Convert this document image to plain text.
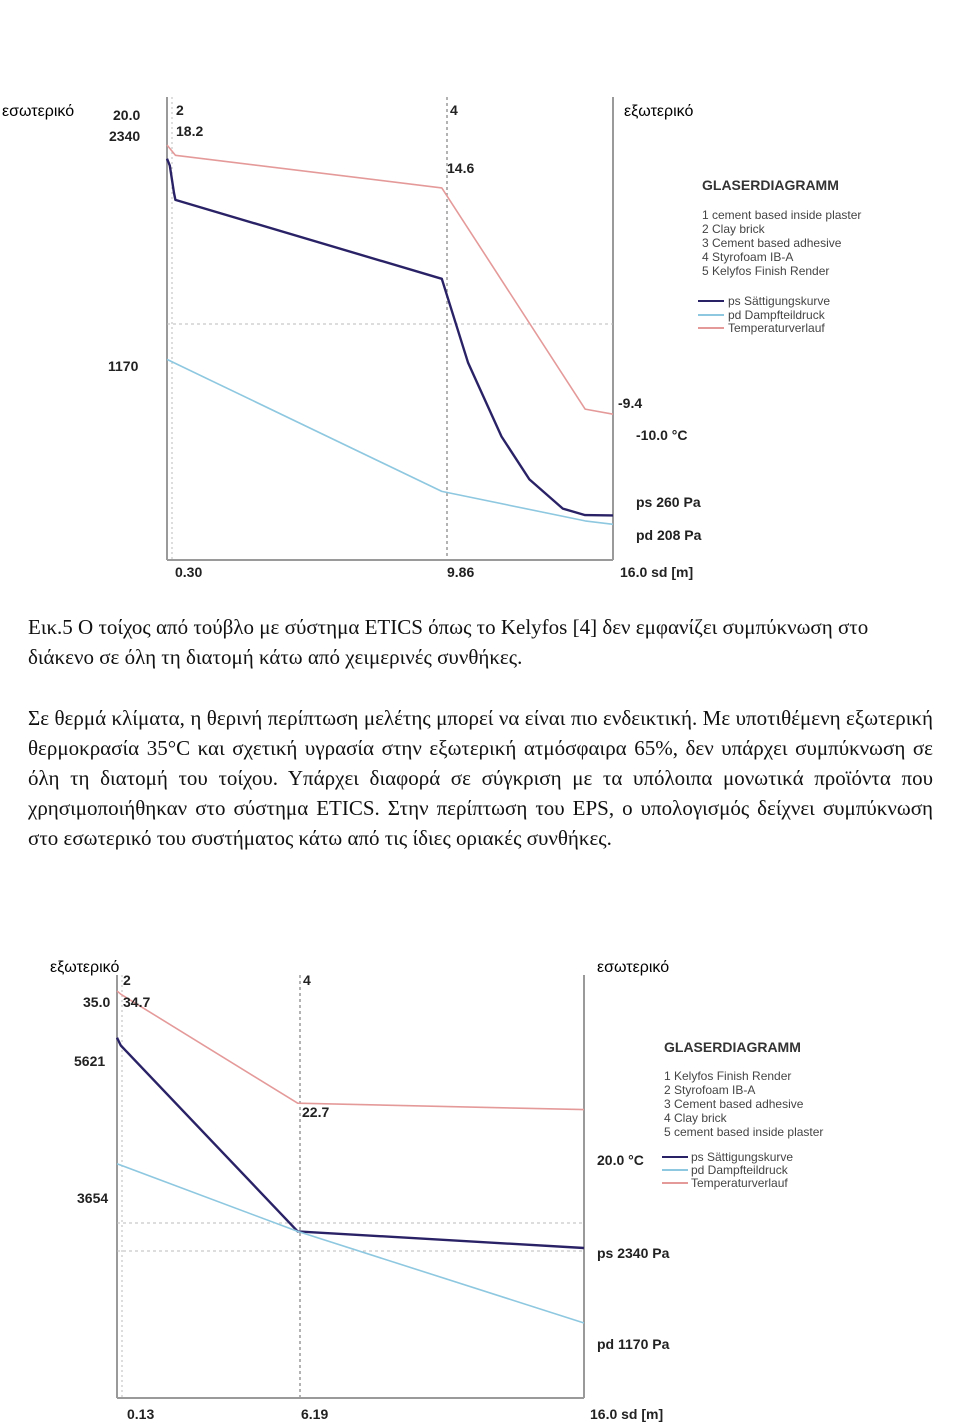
εσωτερικό	εξωτερικό
20.0
2340
2
18.2
4
14.6
1170
-9.4
-10.0 °C
ps 260 Pa
pd 208 Pa
0.30	9.86	16.0 sd [m]
GLASERDIAGRAMM
1 cement based inside plaster
2 Clay brick
3 Cement based adhesive
4 Styrofoam IB-A
5 Kelyfos Finish Render
ps Sättigungskurve
pd Dampfteildruck
Temperaturverlauf
Εικ.5 Ο τοίχος από τούβλο με σύστημα ETICS όπως το Kelyfos [4] δεν εμφανίζει συμπύκνωση στο διάκενο σε όλη τη διατομή κάτω από χειμερινές συνθήκες.
Σε θερμά κλίματα, η θερινή περίπτωση μελέτης μπορεί να είναι πιο ενδεικτική. Με υποτιθέμενη εξωτερική θερμοκρασία 35°C και σχετική υγρασία στην εξωτερική ατμόσφαιρα 65%, δεν υπάρχει συμπύκνωση σε όλη τη διατομή του τοίχου. Υπάρχει διαφορά σε σύγκριση με τα υπόλοιπα μονωτικά προϊόντα που χρησιμοποιήθηκαν στο σύστημα ETICS. Στην περίπτωση του EPS, ο υπολογισμός δείχνει συμπύκνωση στο εσωτερικό του συστήματος κάτω από τις ίδιες οριακές συνθήκες.
εξωτερικό	εσωτερικό
35.0
2
34.7
5621
4
22.7
3654
20.0 °C
ps 2340 Pa
pd 1170 Pa
0.13	6.19	16.0 sd [m]
GLASERDIAGRAMM
1 Kelyfos Finish Render
2 Styrofoam IB-A
3 Cement based adhesive
4 Clay brick
5 cement based inside plaster
ps Sättigungskurve
pd Dampfteildruck
Temperaturverlauf
